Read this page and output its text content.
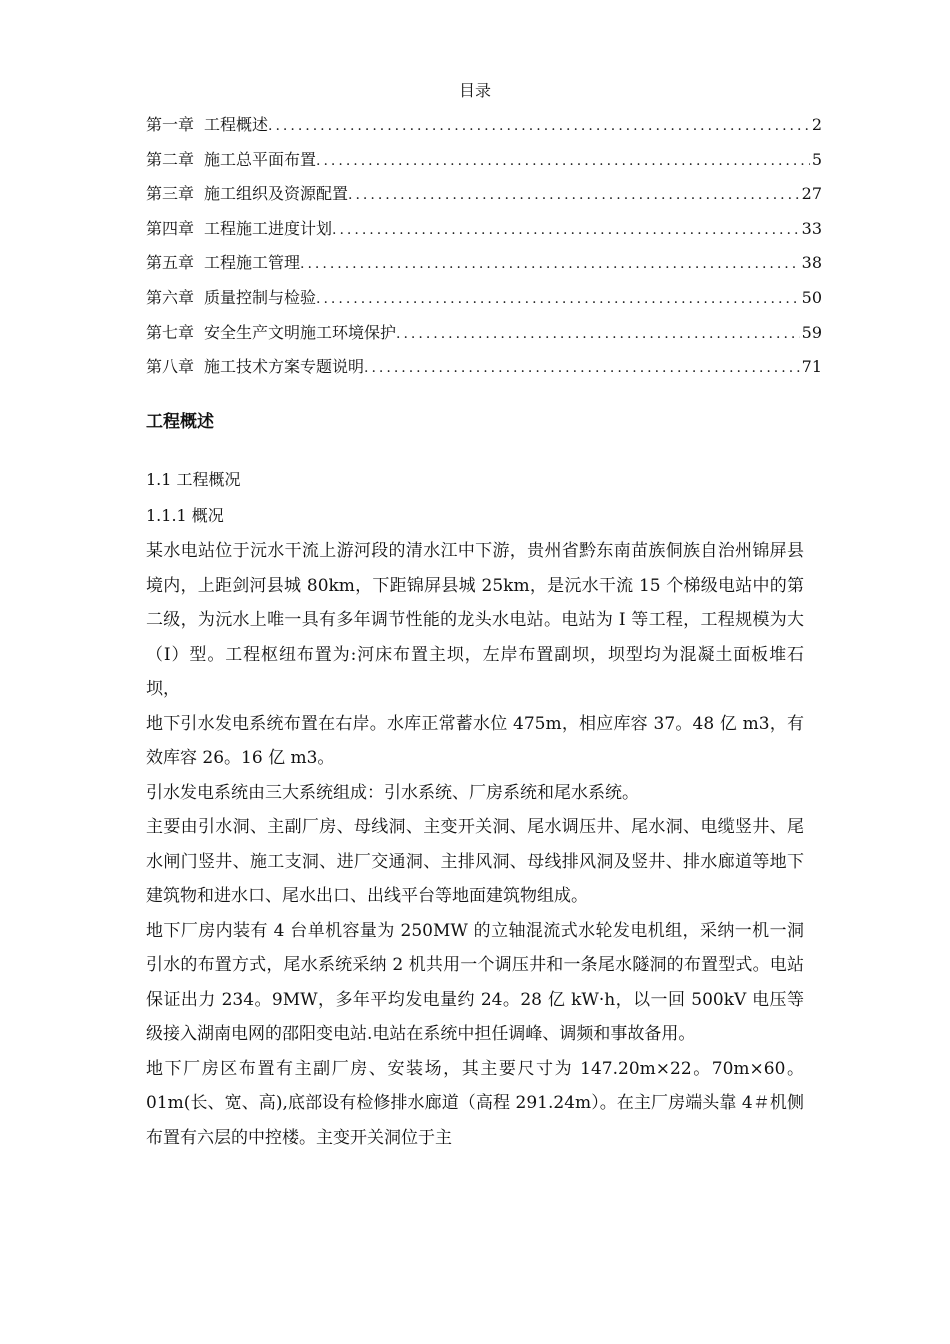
目录
第一章 工程概述 .....	2
第二章 施工总平面布置 .....	5
第三章 施工组织及资源配置 .....	27
第四章 工程施工进度计划 .....	33
第五章 工程施工管理 .....	38
第六章 质量控制与检验 .....	50
第七章 安全生产文明施工环境保护 .....	59
第八章 施工技术方案专题说明 .....	71
工程概述
1.1 工程概况
1.1.1 概况

某水电站位于沅水干流上游河段的清水江中下游，贵州省黔东南苗族侗族自治州锦屏县境内，上距剑河县城 80km，下距锦屏县城 25km，是沅水干流 15 个梯级电站中的第二级，为沅水上唯一具有多年调节性能的龙头水电站。电站为 I 等工程，工程规模为大（I）型。工程枢纽布置为:河床布置主坝，左岸布置副坝，坝型均为混凝土面板堆石坝，

地下引水发电系统布置在右岸。水库正常蓄水位 475m，相应库容 37。48 亿 m3，有效库容 26。16 亿 m3。

引水发电系统由三大系统组成：引水系统、厂房系统和尾水系统。

主要由引水洞、主副厂房、母线洞、主变开关洞、尾水调压井、尾水洞、电缆竖井、尾水闸门竖井、施工支洞、进厂交通洞、主排风洞、母线排风洞及竖井、排水廊道等地下建筑物和进水口、尾水出口、出线平台等地面建筑物组成。

地下厂房内装有 4 台单机容量为 250MW 的立轴混流式水轮发电机组，采纳一机一洞引水的布置方式，尾水系统采纳 2 机共用一个调压井和一条尾水隧洞的布置型式。电站保证出力 234。9MW，多年平均发电量约 24。28 亿 kW·h，以一回 500kV 电压等级接入湖南电网的邵阳变电站.电站在系统中担任调峰、调频和事故备用。

地下厂房区布置有主副厂房、安装场，其主要尺寸为 147.20m×22。70m×60。01m(长、宽、高),底部设有检修排水廊道（高程 291.24m）。在主厂房端头靠 4＃机侧布置有六层的中控楼。主变开关洞位于主
